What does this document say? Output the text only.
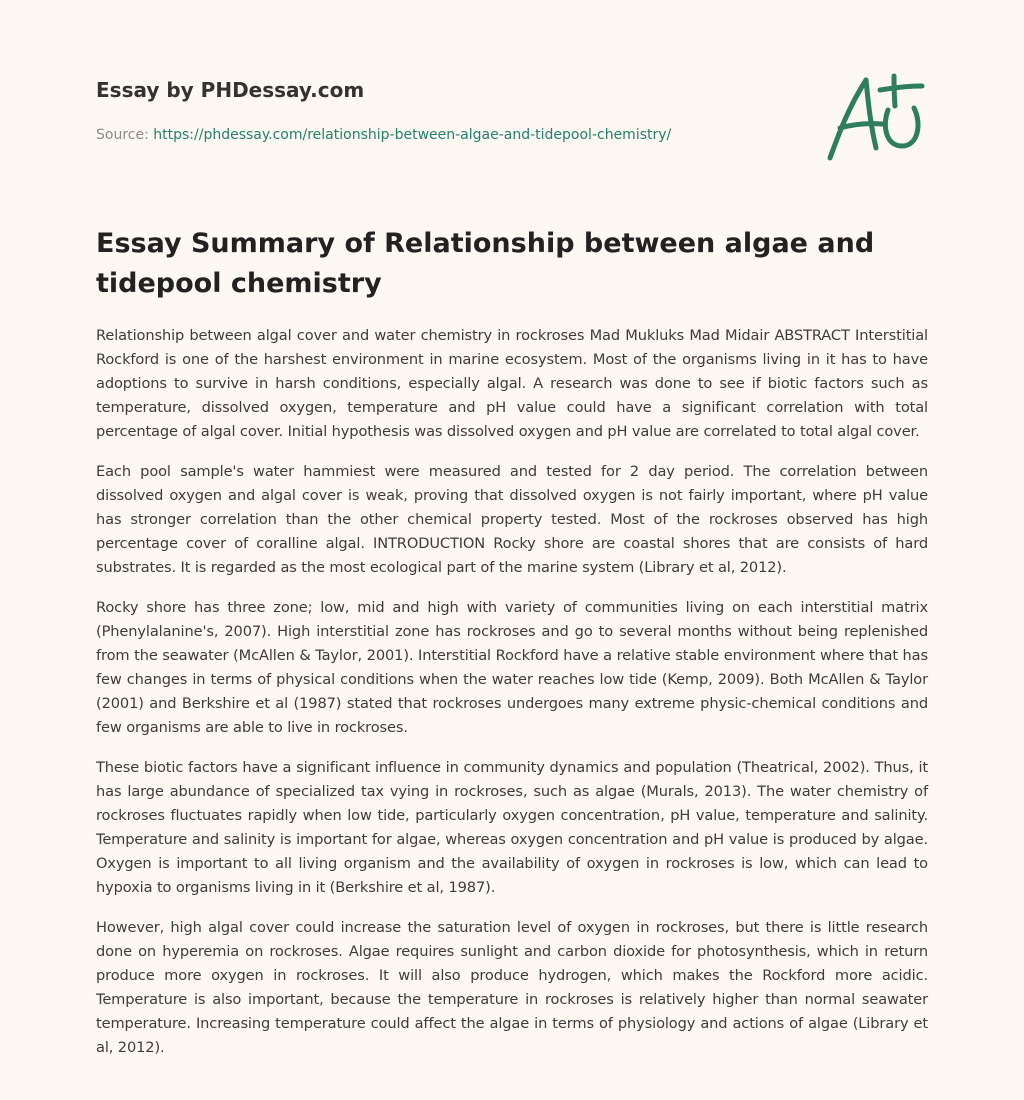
Essay by PHDessay.com

Source: https://phdessay.com/relationship-between-algae-and-tidepool-chemistry/
Essay Summary of Relationship between algae and tidepool chemistry

Relationship between algal cover and water chemistry in rockroses Mad Mukluks Mad Midair ABSTRACT Interstitial Rockford is one of the harshest environment in marine ecosystem. Most of the organisms living in it has to have adoptions to survive in harsh conditions, especially algal. A research was done to see if biotic factors such as temperature, dissolved oxygen, temperature and pH value could have a significant correlation with total percentage of algal cover. Initial hypothesis was dissolved oxygen and pH value are correlated to total algal cover.

Each pool sample's water hammiest were measured and tested for 2 day period. The correlation between dissolved oxygen and algal cover is weak, proving that dissolved oxygen is not fairly important, where pH value has stronger correlation than the other chemical property tested. Most of the rockroses observed has high percentage cover of coralline algal. INTRODUCTION Rocky shore are coastal shores that are consists of hard substrates. It is regarded as the most ecological part of the marine system (Library et al, 2012).

Rocky shore has three zone; low, mid and high with variety of communities living on each interstitial matrix (Phenylalanine's, 2007). High interstitial zone has rockroses and go to several months without being replenished from the seawater (McAllen & Taylor, 2001). Interstitial Rockford have a relative stable environment where that has few changes in terms of physical conditions when the water reaches low tide (Kemp, 2009). Both McAllen & Taylor (2001) and Berkshire et al (1987) stated that rockroses undergoes many extreme physic-chemical conditions and few organisms are able to live in rockroses.

These biotic factors have a significant influence in community dynamics and population (Theatrical, 2002). Thus, it has large abundance of specialized tax vying in rockroses, such as algae (Murals, 2013). The water chemistry of rockroses fluctuates rapidly when low tide, particularly oxygen concentration, pH value, temperature and salinity. Temperature and salinity is important for algae, whereas oxygen concentration and pH value is produced by algae. Oxygen is important to all living organism and the availability of oxygen in rockroses is low, which can lead to hypoxia to organisms living in it (Berkshire et al, 1987).

However, high algal cover could increase the saturation level of oxygen in rockroses, but there is little research done on hyperemia on rockroses. Algae requires sunlight and carbon dioxide for photosynthesis, which in return produce more oxygen in rockroses. It will also produce hydrogen, which makes the Rockford more acidic. Temperature is also important, because the temperature in rockroses is relatively higher than normal seawater temperature. Increasing temperature could affect the algae in terms of physiology and actions of algae (Library et al, 2012).
